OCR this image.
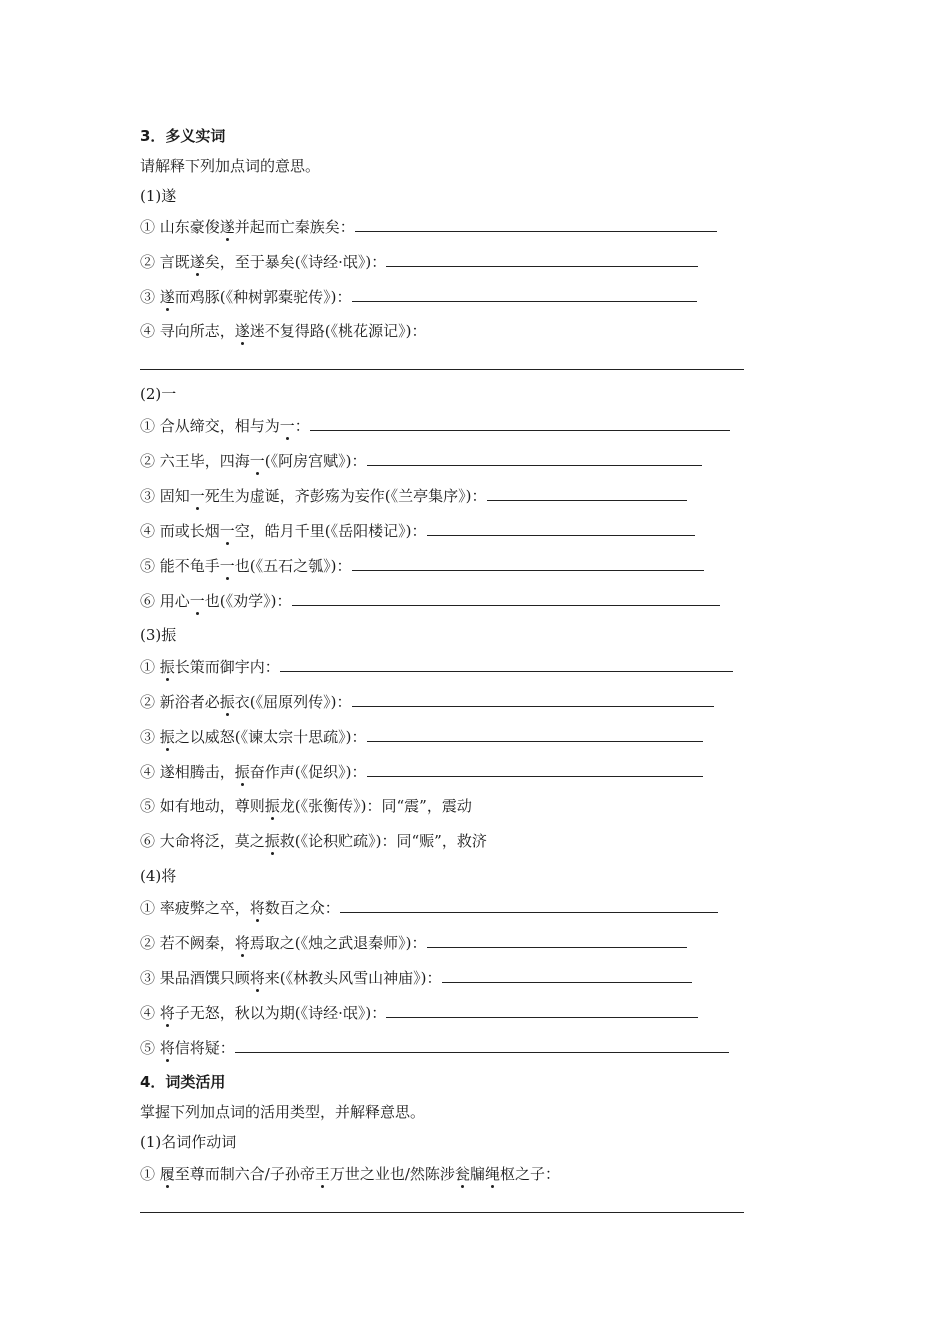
3．多义实词
请解释下列加点词的意思。
(1)遂
① 山东豪俊遂并起而亡秦族矣：
② 言既遂矣，至于暴矣(《诗经·氓》)：
③ 遂而鸡豚(《种树郭橐驼传》)：
④ 寻向所志，遂迷不复得路(《桃花源记》)：
(2)一
① 合从缔交，相与为一：
② 六王毕，四海一(《阿房宫赋》)：
③ 固知一死生为虚诞，齐彭殇为妄作(《兰亭集序》)：
④ 而或长烟一空，皓月千里(《岳阳楼记》)：
⑤ 能不龟手一也(《五石之瓠》)：
⑥ 用心一也(《劝学》)：
(3)振
① 振长策而御宇内：
② 新浴者必振衣(《屈原列传》)：
③ 振之以威怒(《谏太宗十思疏》)：
④ 遂相腾击，振奋作声(《促织》)：
⑤ 如有地动，尊则振龙(《张衡传》)：同“震”，震动
⑥ 大命将泛，莫之振救(《论积贮疏》)：同“赈”，救济
(4)将
① 率疲弊之卒，将数百之众：
② 若不阙秦，将焉取之(《烛之武退秦师》)：
③ 果品酒馔只顾将来(《林教头风雪山神庙》)：
④ 将子无怒，秋以为期(《诗经·氓》)：
⑤ 将信将疑：
4．词类活用
掌握下列加点词的活用类型，并解释意思。
(1)名词作动词
① 履至尊而制六合/子孙帝王万世之业也/然陈涉瓮牖绳枢之子：
